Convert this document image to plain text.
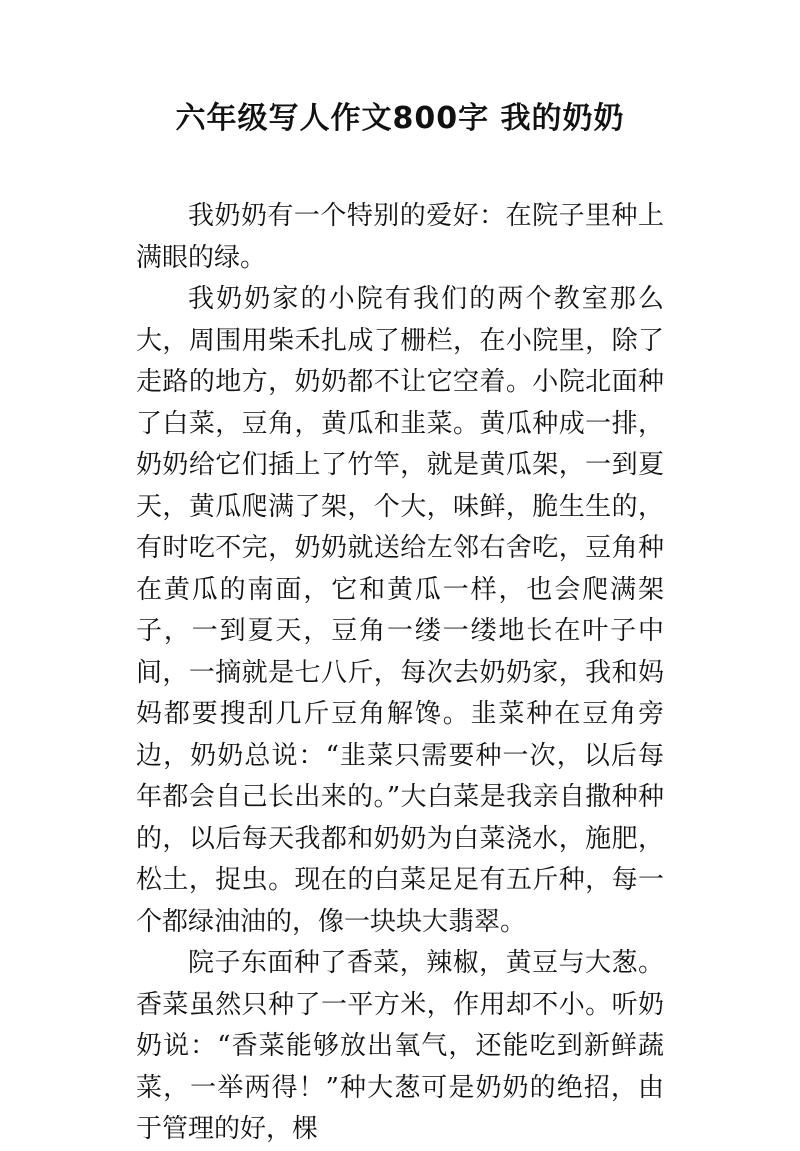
六年级写人作文800字 我的奶奶

我奶奶有一个特别的爱好：在院子里种上满眼的绿。

我奶奶家的小院有我们的两个教室那么大，周围用柴禾扎成了栅栏，在小院里，除了走路的地方，奶奶都不让它空着。小院北面种了白菜，豆角，黄瓜和韭菜。黄瓜种成一排，奶奶给它们插上了竹竿，就是黄瓜架，一到夏天，黄瓜爬满了架，个大，味鲜，脆生生的，有时吃不完，奶奶就送给左邻右舍吃，豆角种在黄瓜的南面，它和黄瓜一样，也会爬满架子，一到夏天，豆角一缕一缕地长在叶子中间，一摘就是七八斤，每次去奶奶家，我和妈妈都要搜刮几斤豆角解馋。韭菜种在豆角旁边，奶奶总说：“韭菜只需要种一次，以后每年都会自己长出来的。”大白菜是我亲自撒种种的，以后每天我都和奶奶为白菜浇水，施肥，松土，捉虫。现在的白菜足足有五斤种，每一个都绿油油的，像一块块大翡翠。

院子东面种了香菜，辣椒，黄豆与大葱。香菜虽然只种了一平方米，作用却不小。听奶奶说：“香菜能够放出氧气，还能吃到新鲜蔬菜，一举两得！”种大葱可是奶奶的绝招，由于管理的好，棵
